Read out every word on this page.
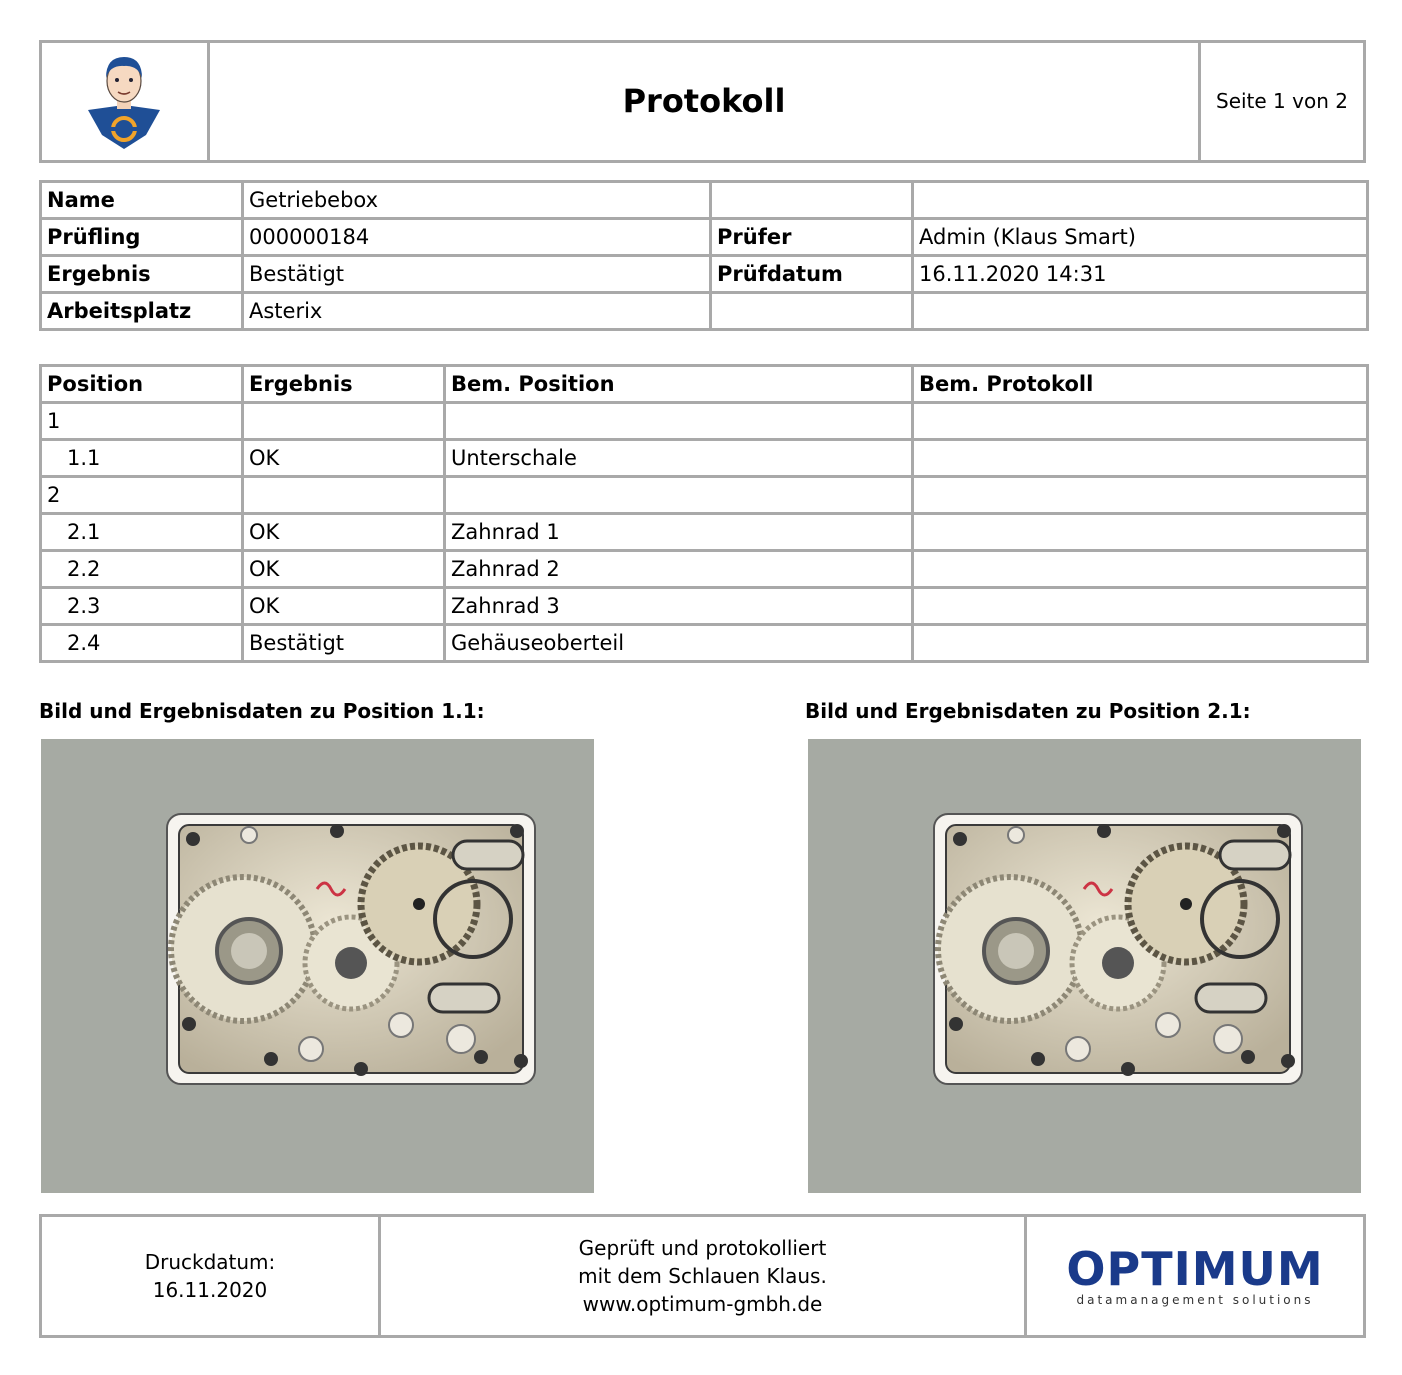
Protokoll	Seite 1 von 2
Name	Getriebebox		
Prüfling	000000184	Prüfer	Admin (Klaus Smart)
Ergebnis	Bestätigt	Prüfdatum	16.11.2020 14:31
Arbeitsplatz	Asterix		
Position	Ergebnis	Bem. Position	Bem. Protokoll
1			
1.1	OK	Unterschale	
2			
2.1	OK	Zahnrad 1	
2.2	OK	Zahnrad 2	
2.3	OK	Zahnrad 3	
2.4	Bestätigt	Gehäuseoberteil	
Bild und Ergebnisdaten zu Position 1.1:	Bild und Ergebnisdaten zu Position 2.1:
Druckdatum:
16.11.2020
Geprüft und protokolliert
mit dem Schlauen Klaus.
www.optimum-gmbh.de
OPTIMUM
datamanagement solutions
